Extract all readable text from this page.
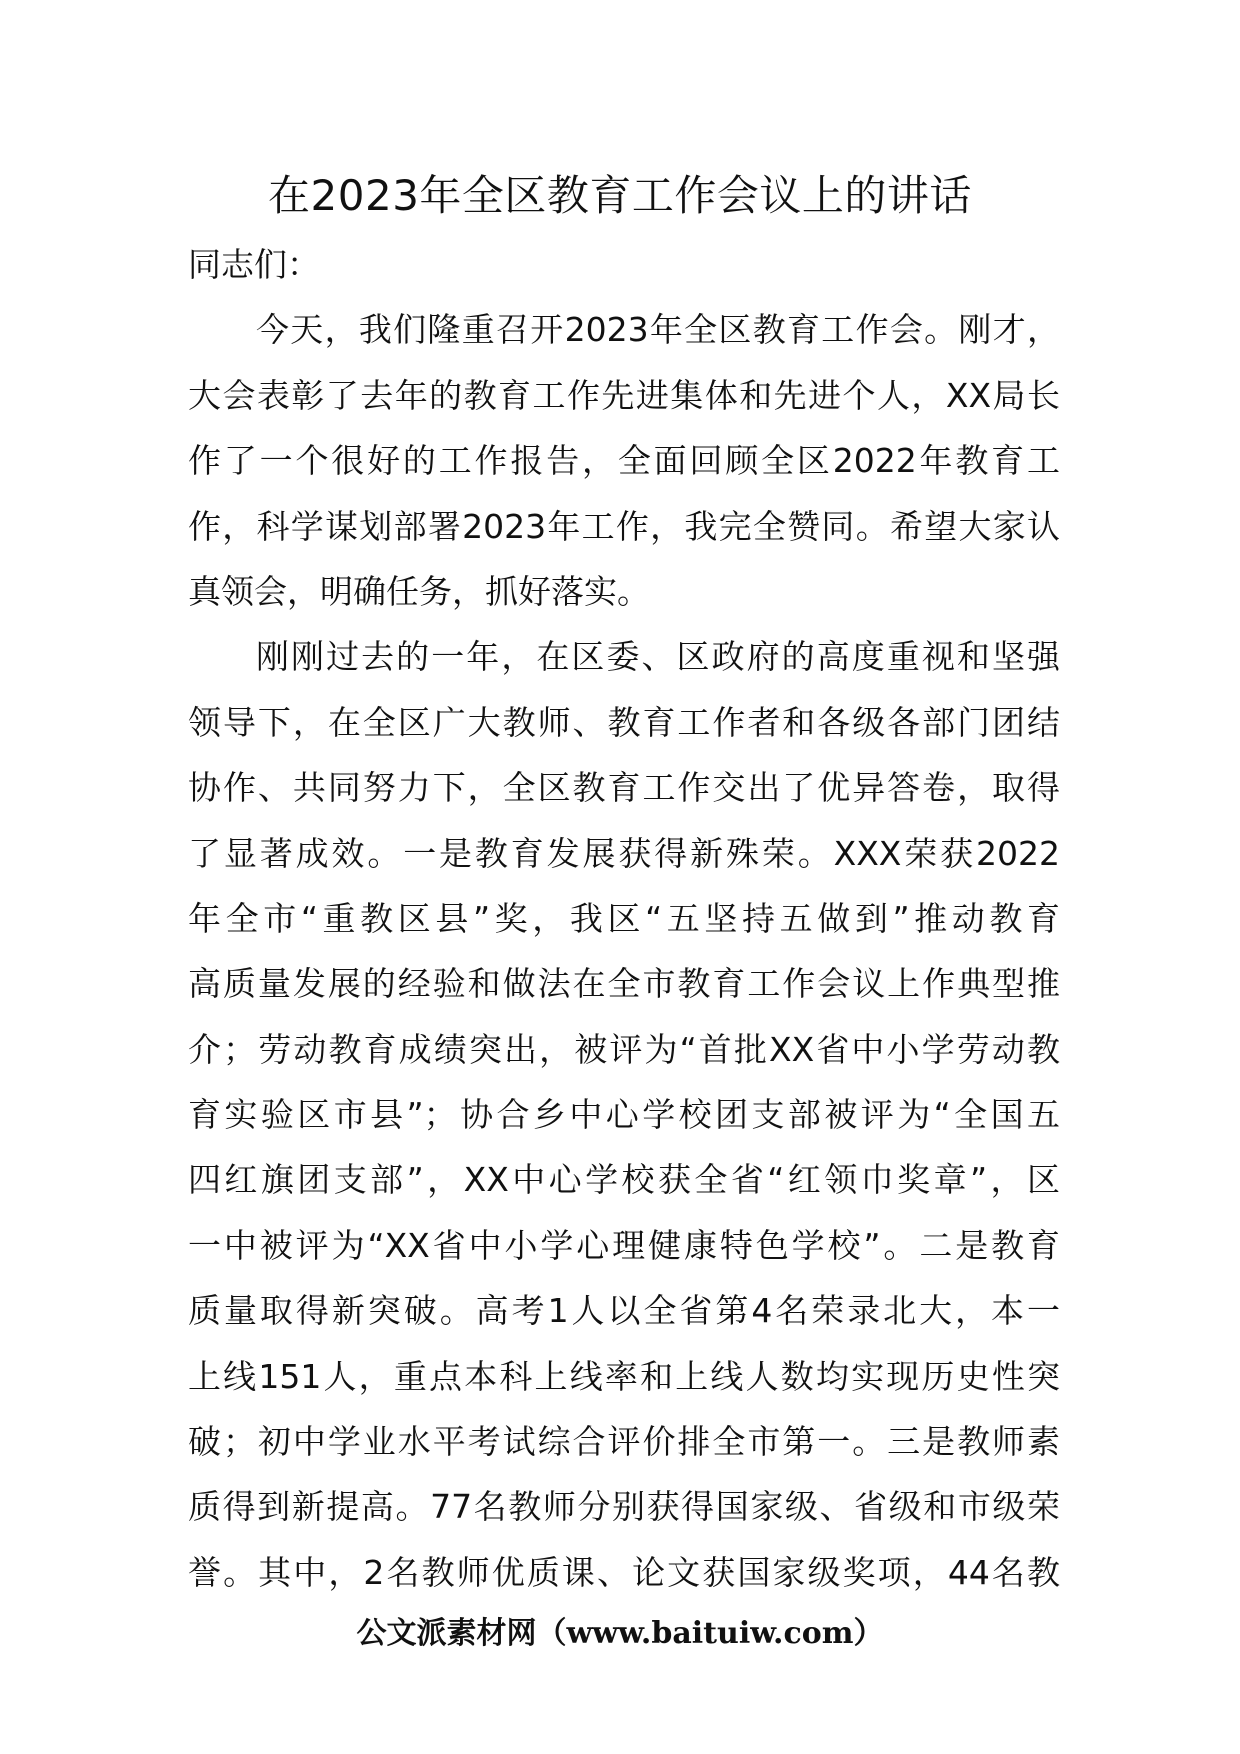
在2023年全区教育工作会议上的讲话
同志们：
今天，我们隆重召开2023年全区教育工作会。刚才，
大会表彰了去年的教育工作先进集体和先进个人，XX局长
作了一个很好的工作报告，全面回顾全区2022年教育工
作，科学谋划部署2023年工作，我完全赞同。希望大家认
真领会，明确任务，抓好落实。
刚刚过去的一年，在区委、区政府的高度重视和坚强
领导下，在全区广大教师、教育工作者和各级各部门团结
协作、共同努力下，全区教育工作交出了优异答卷，取得
了显著成效。一是教育发展获得新殊荣。XXX荣获2022
年全市“重教区县”奖，我区“五坚持五做到”推动教育
高质量发展的经验和做法在全市教育工作会议上作典型推
介；劳动教育成绩突出，被评为“首批XX省中小学劳动教
育实验区市县”；协合乡中心学校团支部被评为“全国五
四红旗团支部”，XX中心学校获全省“红领巾奖章”，区
一中被评为“XX省中小学心理健康特色学校”。二是教育
质量取得新突破。高考1人以全省第4名荣录北大，本一
上线151人，重点本科上线率和上线人数均实现历史性突
破；初中学业水平考试综合评价排全市第一。三是教师素
质得到新提高。77名教师分别获得国家级、省级和市级荣
誉。其中，2名教师优质课、论文获国家级奖项，44名教
公文派素材网（www.baituiw.com）
